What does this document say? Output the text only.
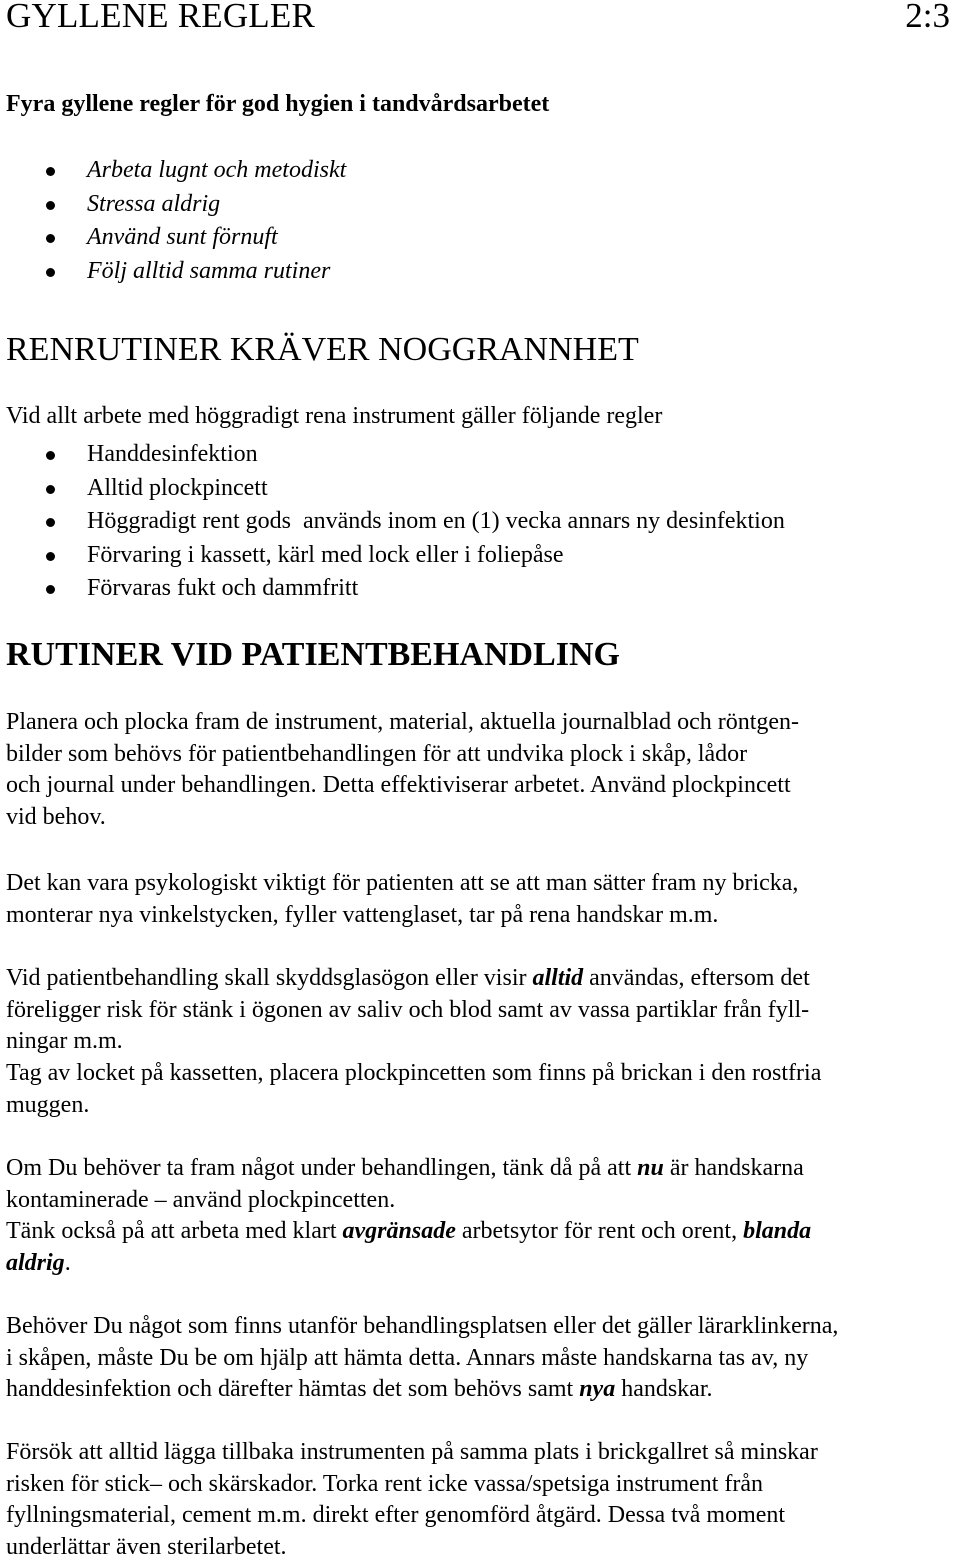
GYLLENE REGLER	2:3
Fyra gyllene regler för god hygien i tandvårdsarbetet
Arbeta lugnt och metodiskt
Stressa aldrig
Använd sunt förnuft
Följ alltid samma rutiner
RENRUTINER KRÄVER NOGGRANNHET

Vid allt arbete med höggradigt rena instrument gäller följande regler

Handdesinfektion
Alltid plockpincett
Höggradigt rent gods  används inom en (1) vecka annars ny desinfektion
Förvaring i kassett, kärl med lock eller i foliepåse
Förvaras fukt och dammfritt
RUTINER VID PATIENTBEHANDLING

Planera och plocka fram de instrument, material, aktuella journalblad och röntgen-
bilder som behövs för patientbehandlingen för att undvika plock i skåp, lådor
och journal under behandlingen. Detta effektiviserar arbetet. Använd plockpincett
vid behov.

Det kan vara psykologiskt viktigt för patienten att se att man sätter fram ny bricka,
monterar nya vinkelstycken, fyller vattenglaset, tar på rena handskar m.m.

Vid patientbehandling skall skyddsglasögon eller visir alltid användas, eftersom det
föreligger risk för stänk i ögonen av saliv och blod samt av vassa partiklar från fyll-
ningar m.m.

Tag av locket på kassetten, placera plockpincetten som finns på brickan i den rostfria
muggen.

Om Du behöver ta fram något under behandlingen, tänk då på att nu är handskarna
kontaminerade – använd plockpincetten.

Tänk också på att arbeta med klart avgränsade arbetsytor för rent och orent, blanda
aldrig.

Behöver Du något som finns utanför behandlingsplatsen eller det gäller lärarklinkerna,
i skåpen, måste Du be om hjälp att hämta detta. Annars måste handskarna tas av, ny
handdesinfektion och därefter hämtas det som behövs samt nya handskar.

Försök att alltid lägga tillbaka instrumenten på samma plats i brickgallret så minskar
risken för stick– och skärskador. Torka rent icke vassa/spetsiga instrument från
fyllningsmaterial, cement m.m. direkt efter genomförd åtgärd. Dessa två moment
underlättar även sterilarbetet.
